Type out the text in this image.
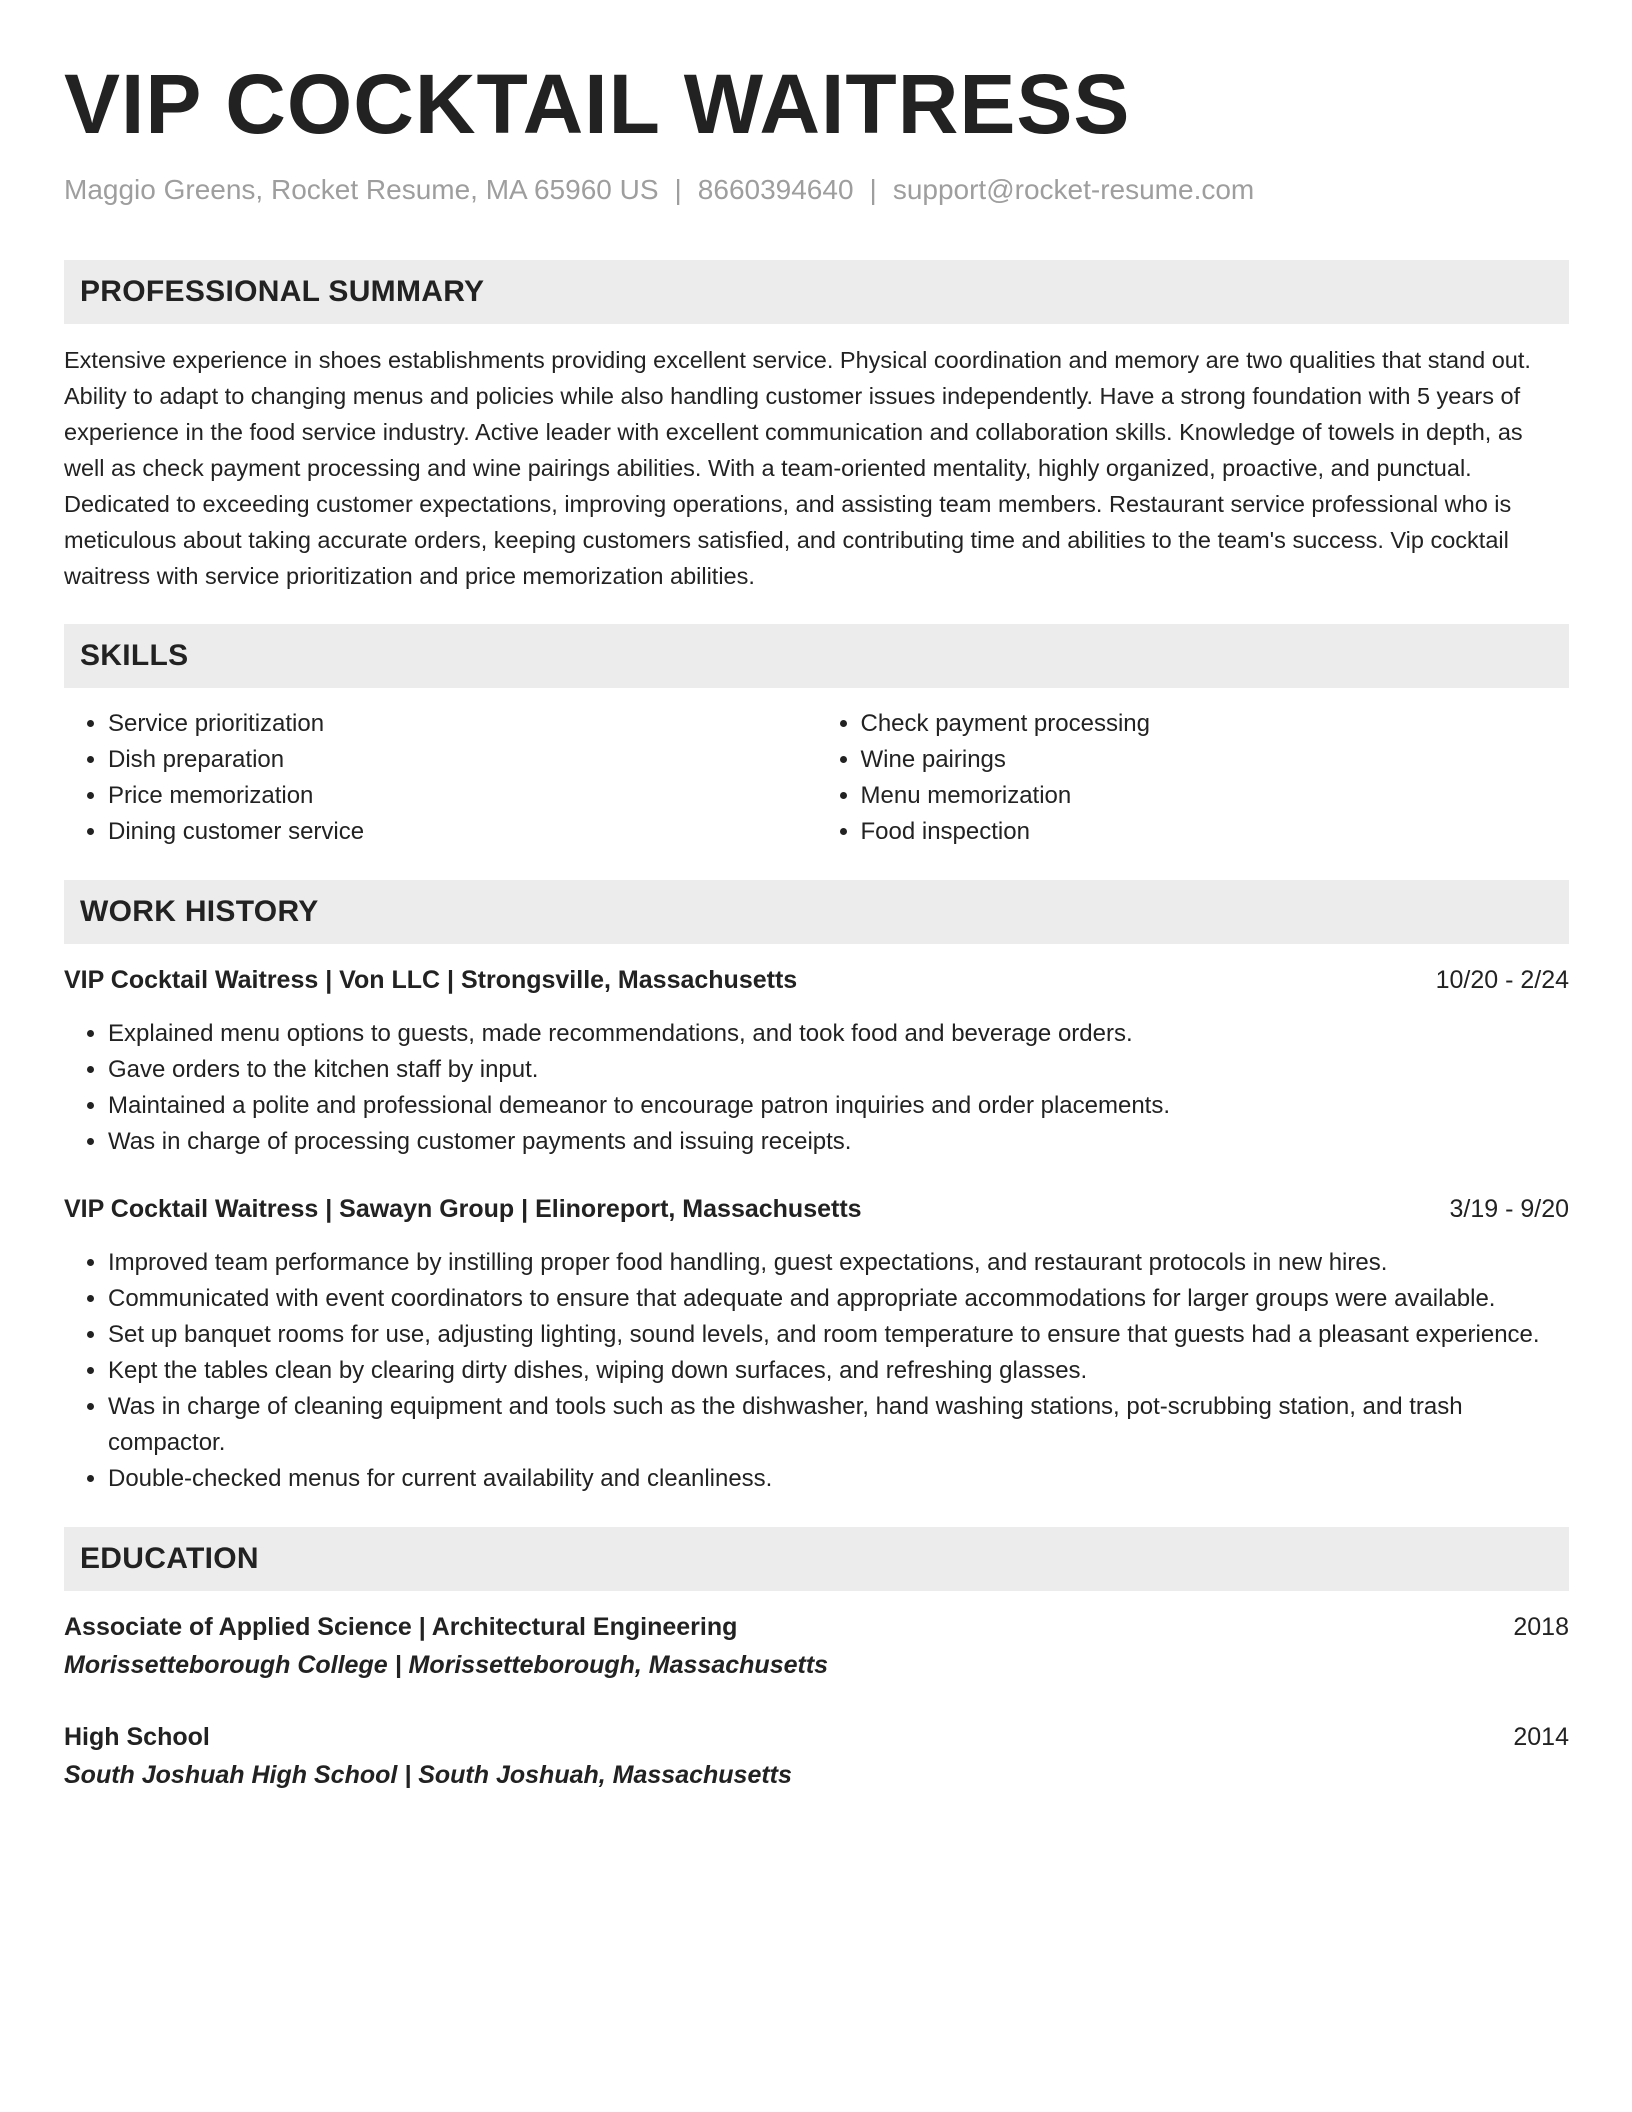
VIP COCKTAIL WAITRESS
Maggio Greens, Rocket Resume, MA 65960 US | 8660394640 | support@rocket-resume.com
PROFESSIONAL SUMMARY
Extensive experience in shoes establishments providing excellent service. Physical coordination and memory are two qualities that stand out. Ability to adapt to changing menus and policies while also handling customer issues independently. Have a strong foundation with 5 years of experience in the food service industry. Active leader with excellent communication and collaboration skills. Knowledge of towels in depth, as well as check payment processing and wine pairings abilities. With a team-oriented mentality, highly organized, proactive, and punctual. Dedicated to exceeding customer expectations, improving operations, and assisting team members. Restaurant service professional who is meticulous about taking accurate orders, keeping customers satisfied, and contributing time and abilities to the team's success. Vip cocktail waitress with service prioritization and price memorization abilities.
SKILLS
• Service prioritization
• Dish preparation
• Price memorization
• Dining customer service
• Check payment processing
• Wine pairings
• Menu memorization
• Food inspection
WORK HISTORY
VIP Cocktail Waitress | Von LLC | Strongsville, Massachusetts	10/20 - 2/24
• Explained menu options to guests, made recommendations, and took food and beverage orders.
• Gave orders to the kitchen staff by input.
• Maintained a polite and professional demeanor to encourage patron inquiries and order placements.
• Was in charge of processing customer payments and issuing receipts.
VIP Cocktail Waitress | Sawayn Group | Elinoreport, Massachusetts	3/19 - 9/20
• Improved team performance by instilling proper food handling, guest expectations, and restaurant protocols in new hires.
• Communicated with event coordinators to ensure that adequate and appropriate accommodations for larger groups were available.
• Set up banquet rooms for use, adjusting lighting, sound levels, and room temperature to ensure that guests had a pleasant experience.
• Kept the tables clean by clearing dirty dishes, wiping down surfaces, and refreshing glasses.
• Was in charge of cleaning equipment and tools such as the dishwasher, hand washing stations, pot-scrubbing station, and trash compactor.
• Double-checked menus for current availability and cleanliness.
EDUCATION
Associate of Applied Science | Architectural Engineering	2018
Morissetteborough College | Morissetteborough, Massachusetts
High School	2014
South Joshuah High School | South Joshuah, Massachusetts
